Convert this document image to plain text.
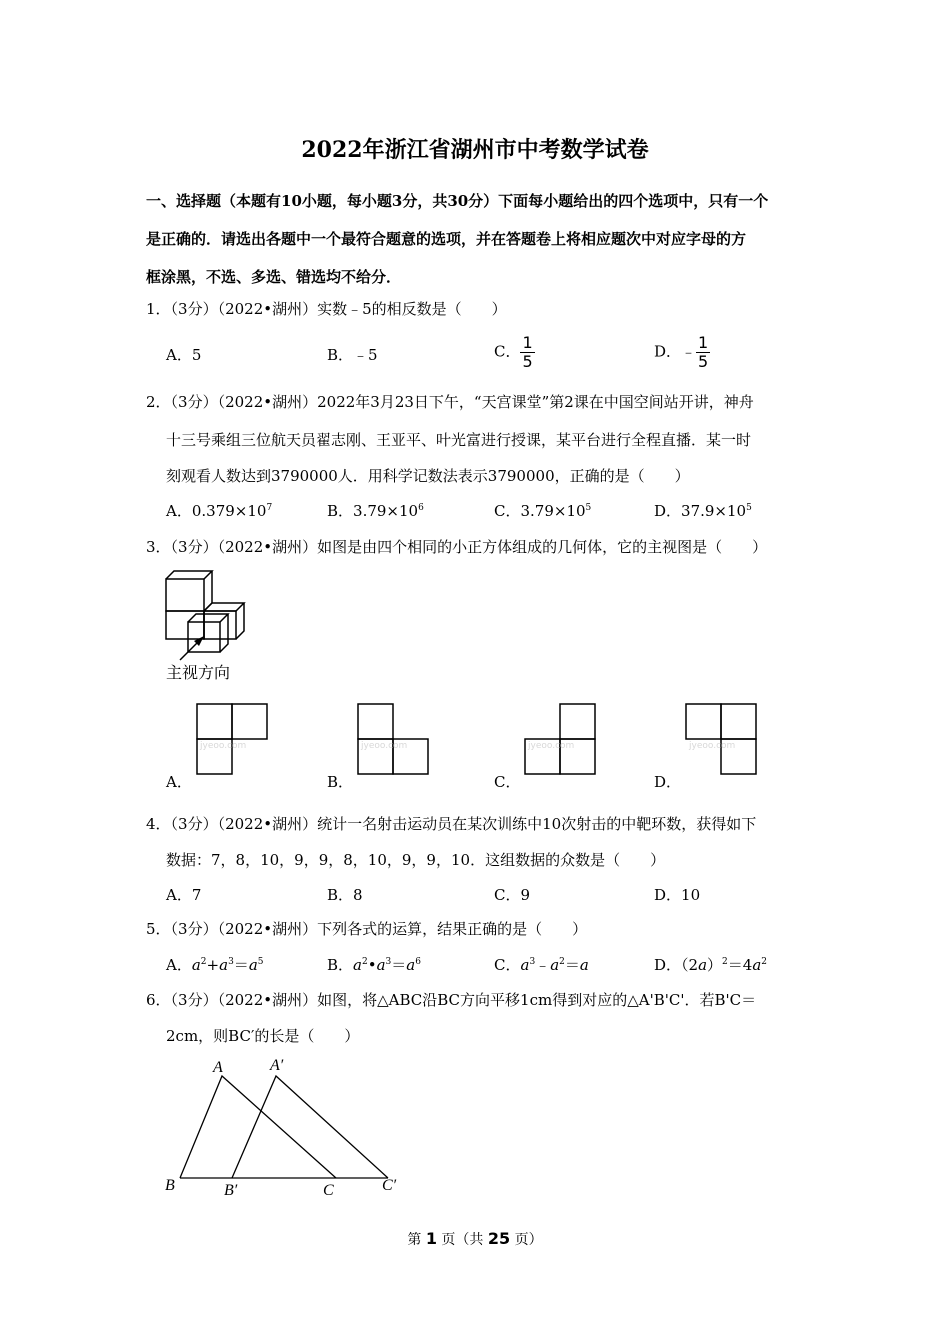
2022年浙江省湖州市中考数学试卷
一、选择题（本题有10小题，每小题3分，共30分）下面每小题给出的四个选项中，只有一个
是正确的．请选出各题中一个最符合题意的选项，并在答题卷上将相应题次中对应字母的方
框涂黑，不选、多选、错选均不给分．
1．（3分）（2022•湖州）实数﹣5的相反数是（　　）
A．5	B．﹣5	C． $\frac{1}{5}$	D．﹣ $\frac{1}{5}$
2．（3分）（2022•湖州）2022年3月23日下午，“天宫课堂”第2课在中国空间站开讲，神舟
十三号乘组三位航天员翟志刚、王亚平、叶光富进行授课，某平台进行全程直播．某一时
刻观看人数达到3790000人．用科学记数法表示3790000，正确的是（　　）
A．$0.379\times 10^7$	B．$3.79\times 10^6$	C．$3.79\times 10^5$	D．$37.9\times 10^5$
3．（3分）（2022•湖州）如图是由四个相同的小正方体组成的几何体，它的主视图是（　　）
主视方向
jyeoo.com	jyeoo.com	jyeoo.com	jyeoo.com
A．	B．	C．	D．
4．（3分）（2022•湖州）统计一名射击运动员在某次训练中10次射击的中靶环数，获得如下
数据：7，8，10，9，9，8，10，9，9，10．这组数据的众数是（　　）
A．7	B．8	C．9	D．10
5．（3分）（2022•湖州）下列各式的运算，结果正确的是（　　）
A．$a^2+a^3=a^5$	B．$a^2•a^3=a^6$	C．$a^3﹣a^2=a$	D．$(2a)^2=4a^2$
6．（3分）（2022•湖州）如图，将△ABC沿BC方向平移1cm得到对应的△A'B'C'．若B'C＝
2cm，则BC′的长是（　　）
A	A′
B	B′	C	C′
第 1 页（共 25 页）
